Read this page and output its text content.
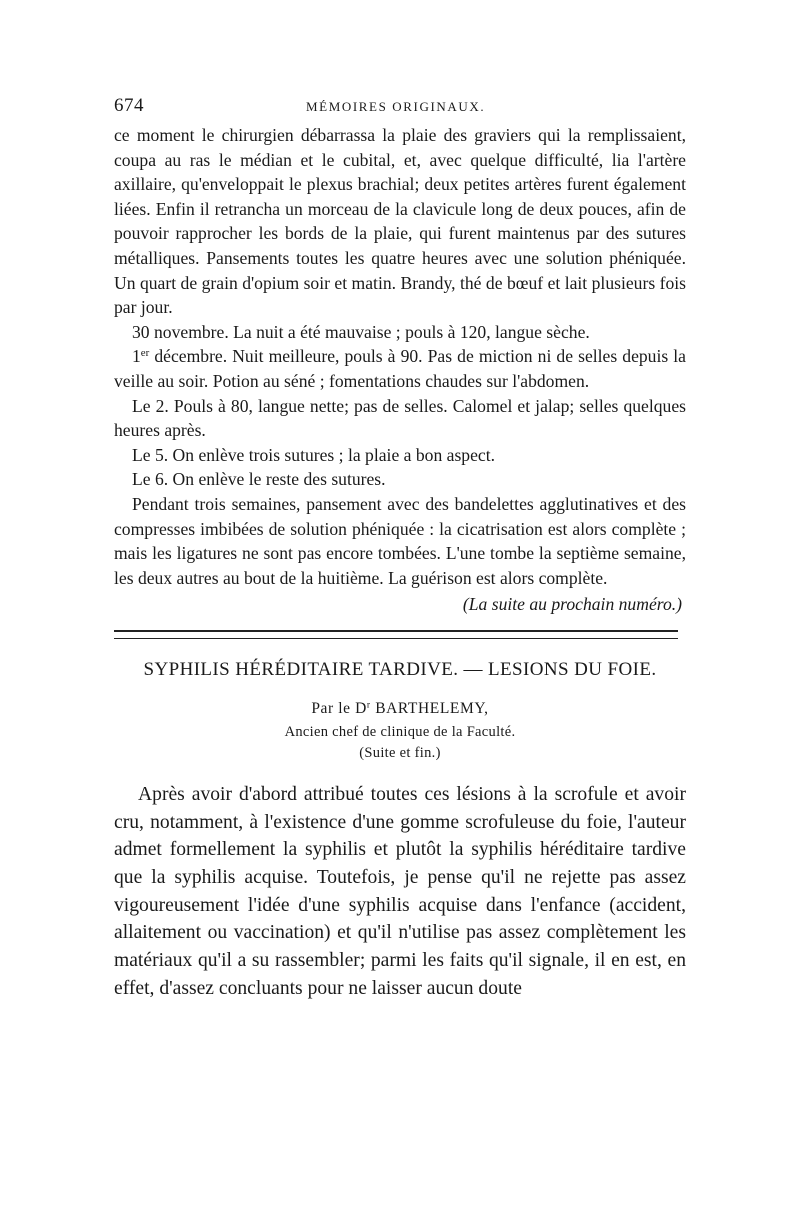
674	MÉMOIRES ORIGINAUX.

ce moment le chirurgien débarrassa la plaie des graviers qui la remplissaient, coupa au ras le médian et le cubital, et, avec quelque difficulté, lia l'artère axillaire, qu'enveloppait le plexus brachial; deux petites artères furent également liées. Enfin il retrancha un morceau de la clavicule long de deux pouces, afin de pouvoir rapprocher les bords de la plaie, qui furent maintenus par des sutures métalliques. Pansements toutes les quatre heures avec une solution phéniquée. Un quart de grain d'opium soir et matin. Brandy, thé de bœuf et lait plusieurs fois par jour.

30 novembre. La nuit a été mauvaise ; pouls à 120, langue sèche.

1er décembre. Nuit meilleure, pouls à 90. Pas de miction ni de selles depuis la veille au soir. Potion au séné ; fomentations chaudes sur l'abdomen.

Le 2. Pouls à 80, langue nette; pas de selles. Calomel et jalap; selles quelques heures après.

Le 5. On enlève trois sutures ; la plaie a bon aspect.

Le 6. On enlève le reste des sutures.

Pendant trois semaines, pansement avec des bandelettes agglutinatives et des compresses imbibées de solution phéniquée : la cicatrisation est alors complète ; mais les ligatures ne sont pas encore tombées. L'une tombe la septième semaine, les deux autres au bout de la huitième. La guérison est alors complète.

(La suite au prochain numéro.)
SYPHILIS HÉRÉDITAIRE TARDIVE. — LESIONS DU FOIE.
Par le $D^r$ BARTHELEMY,
Ancien chef de clinique de la Faculté.
(Suite et fin.)

Après avoir d'abord attribué toutes ces lésions à la scrofule et avoir cru, notamment, à l'existence d'une gomme scrofuleuse du foie, l'auteur admet formellement la syphilis et plutôt la syphilis héréditaire tardive que la syphilis acquise. Toutefois, je pense qu'il ne rejette pas assez vigoureusement l'idée d'une syphilis acquise dans l'enfance (accident, allaitement ou vaccination) et qu'il n'utilise pas assez complètement les matériaux qu'il a su rassembler; parmi les faits qu'il signale, il en est, en effet, d'assez concluants pour ne laisser aucun doute
